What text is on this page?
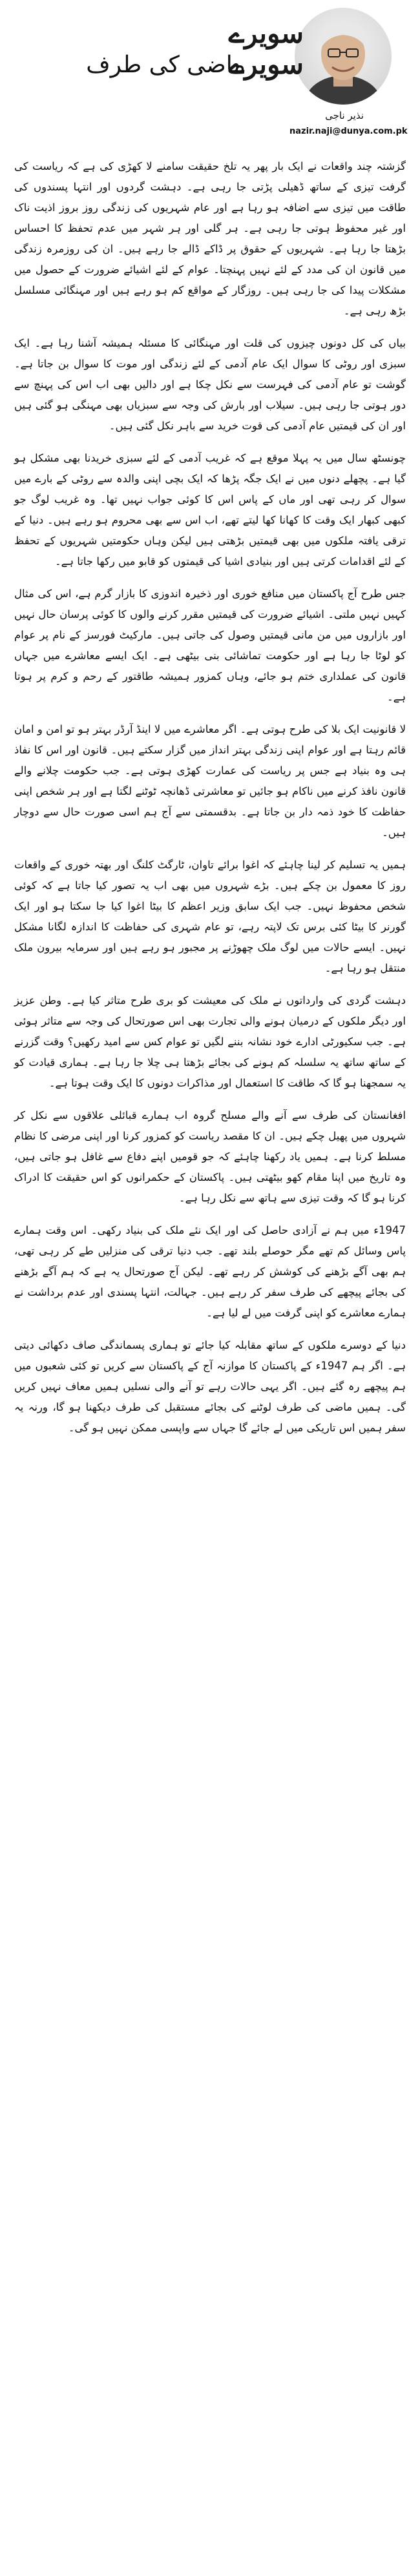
سویرے سویرے
ماضی کی طرف
نذیر ناجی
nazir.naji@dunya.com.pk

گزشتہ چند واقعات نے ایک بار پھر یہ تلخ حقیقت سامنے لا کھڑی کی ہے کہ ریاست کی گرفت تیزی کے ساتھ ڈھیلی پڑتی جا رہی ہے۔ دہشت گردوں اور انتہا پسندوں کی طاقت میں تیزی سے اضافہ ہو رہا ہے اور عام شہریوں کی زندگی روز بروز اذیت ناک اور غیر محفوظ ہوتی جا رہی ہے۔ ہر گلی اور ہر شہر میں عدم تحفظ کا احساس بڑھتا جا رہا ہے۔ شہریوں کے حقوق پر ڈاکے ڈالے جا رہے ہیں۔ ان کی روزمرہ زندگی میں قانون ان کی مدد کے لئے نہیں پہنچتا۔ عوام کے لئے اشیائے ضرورت کے حصول میں مشکلات پیدا کی جا رہی ہیں۔ روزگار کے مواقع کم ہو رہے ہیں اور مہنگائی مسلسل بڑھ رہی ہے۔

بیاں کی کل دونوں چیزوں کی قلت اور مہنگائی کا مسئلہ ہمیشہ آشنا رہا ہے۔ ایک سبزی اور روٹی کا سوال ایک عام آدمی کے لئے زندگی اور موت کا سوال بن جاتا ہے۔ گوشت تو عام آدمی کی فہرست سے نکل چکا ہے اور دالیں بھی اب اس کی پہنچ سے دور ہوتی جا رہی ہیں۔ سیلاب اور بارش کی وجہ سے سبزیاں بھی مہنگی ہو گئی ہیں اور ان کی قیمتیں عام آدمی کی قوت خرید سے باہر نکل گئی ہیں۔

چونسٹھ سال میں یہ پہلا موقع ہے کہ غریب آدمی کے لئے سبزی خریدنا بھی مشکل ہو گیا ہے۔ پچھلے دنوں میں نے ایک جگہ پڑھا کہ ایک بچی اپنی والدہ سے روٹی کے بارے میں سوال کر رہی تھی اور ماں کے پاس اس کا کوئی جواب نہیں تھا۔ وہ غریب لوگ جو کبھی کبھار ایک وقت کا کھانا کھا لیتے تھے، اب اس سے بھی محروم ہو رہے ہیں۔ دنیا کے ترقی یافتہ ملکوں میں بھی قیمتیں بڑھتی ہیں لیکن وہاں حکومتیں شہریوں کے تحفظ کے لئے اقدامات کرتی ہیں اور بنیادی اشیا کی قیمتوں کو قابو میں رکھا جاتا ہے۔

جس طرح آج پاکستان میں منافع خوری اور ذخیرہ اندوزی کا بازار گرم ہے، اس کی مثال کہیں نہیں ملتی۔ اشیائے ضرورت کی قیمتیں مقرر کرنے والوں کا کوئی پرسان حال نہیں اور بازاروں میں من مانی قیمتیں وصول کی جاتی ہیں۔ مارکیٹ فورسز کے نام پر عوام کو لوٹا جا رہا ہے اور حکومت تماشائی بنی بیٹھی ہے۔ ایک ایسے معاشرے میں جہاں قانون کی عملداری ختم ہو جائے، وہاں کمزور ہمیشہ طاقتور کے رحم و کرم پر ہوتا ہے۔

لا قانونیت ایک بلا کی طرح ہوتی ہے۔ اگر معاشرے میں لا اینڈ آرڈر بہتر ہو تو امن و امان قائم رہتا ہے اور عوام اپنی زندگی بہتر انداز میں گزار سکتے ہیں۔ قانون اور اس کا نفاذ ہی وہ بنیاد ہے جس پر ریاست کی عمارت کھڑی ہوتی ہے۔ جب حکومت چلانے والے قانون نافذ کرنے میں ناکام ہو جائیں تو معاشرتی ڈھانچہ ٹوٹنے لگتا ہے اور ہر شخص اپنی حفاظت کا خود ذمہ دار بن جاتا ہے۔ بدقسمتی سے آج ہم اسی صورت حال سے دوچار ہیں۔

ہمیں یہ تسلیم کر لینا چاہئے کہ اغوا برائے تاوان، ٹارگٹ کلنگ اور بھتہ خوری کے واقعات روز کا معمول بن چکے ہیں۔ بڑے شہروں میں بھی اب یہ تصور کیا جاتا ہے کہ کوئی شخص محفوظ نہیں۔ جب ایک سابق وزیر اعظم کا بیٹا اغوا کیا جا سکتا ہو اور ایک گورنر کا بیٹا کئی برس تک لاپتہ رہے، تو عام شہری کی حفاظت کا اندازہ لگانا مشکل نہیں۔ ایسے حالات میں لوگ ملک چھوڑنے پر مجبور ہو رہے ہیں اور سرمایہ بیرون ملک منتقل ہو رہا ہے۔

دہشت گردی کی وارداتوں نے ملک کی معیشت کو بری طرح متاثر کیا ہے۔ وطن عزیز اور دیگر ملکوں کے درمیان ہونے والی تجارت بھی اس صورتحال کی وجہ سے متاثر ہوئی ہے۔ جب سکیورٹی ادارے خود نشانہ بننے لگیں تو عوام کس سے امید رکھیں؟ وقت گزرنے کے ساتھ ساتھ یہ سلسلہ کم ہونے کی بجائے بڑھتا ہی چلا جا رہا ہے۔ ہماری قیادت کو یہ سمجھنا ہو گا کہ طاقت کا استعمال اور مذاکرات دونوں کا ایک وقت ہوتا ہے۔

افغانستان کی طرف سے آنے والے مسلح گروہ اب ہمارے قبائلی علاقوں سے نکل کر شہروں میں پھیل چکے ہیں۔ ان کا مقصد ریاست کو کمزور کرنا اور اپنی مرضی کا نظام مسلط کرنا ہے۔ ہمیں یاد رکھنا چاہئے کہ جو قومیں اپنے دفاع سے غافل ہو جاتی ہیں، وہ تاریخ میں اپنا مقام کھو بیٹھتی ہیں۔ پاکستان کے حکمرانوں کو اس حقیقت کا ادراک کرنا ہو گا کہ وقت تیزی سے ہاتھ سے نکل رہا ہے۔

1947ء میں ہم نے آزادی حاصل کی اور ایک نئے ملک کی بنیاد رکھی۔ اس وقت ہمارے پاس وسائل کم تھے مگر حوصلے بلند تھے۔ جب دنیا ترقی کی منزلیں طے کر رہی تھی، ہم بھی آگے بڑھنے کی کوشش کر رہے تھے۔ لیکن آج صورتحال یہ ہے کہ ہم آگے بڑھنے کی بجائے پیچھے کی طرف سفر کر رہے ہیں۔ جہالت، انتہا پسندی اور عدم برداشت نے ہمارے معاشرے کو اپنی گرفت میں لے لیا ہے۔

دنیا کے دوسرے ملکوں کے ساتھ مقابلہ کیا جائے تو ہماری پسماندگی صاف دکھائی دیتی ہے۔ اگر ہم 1947ء کے پاکستان کا موازنہ آج کے پاکستان سے کریں تو کئی شعبوں میں ہم پیچھے رہ گئے ہیں۔ اگر یہی حالات رہے تو آنے والی نسلیں ہمیں معاف نہیں کریں گی۔ ہمیں ماضی کی طرف لوٹنے کی بجائے مستقبل کی طرف دیکھنا ہو گا، ورنہ یہ سفر ہمیں اس تاریکی میں لے جائے گا جہاں سے واپسی ممکن نہیں ہو گی۔
